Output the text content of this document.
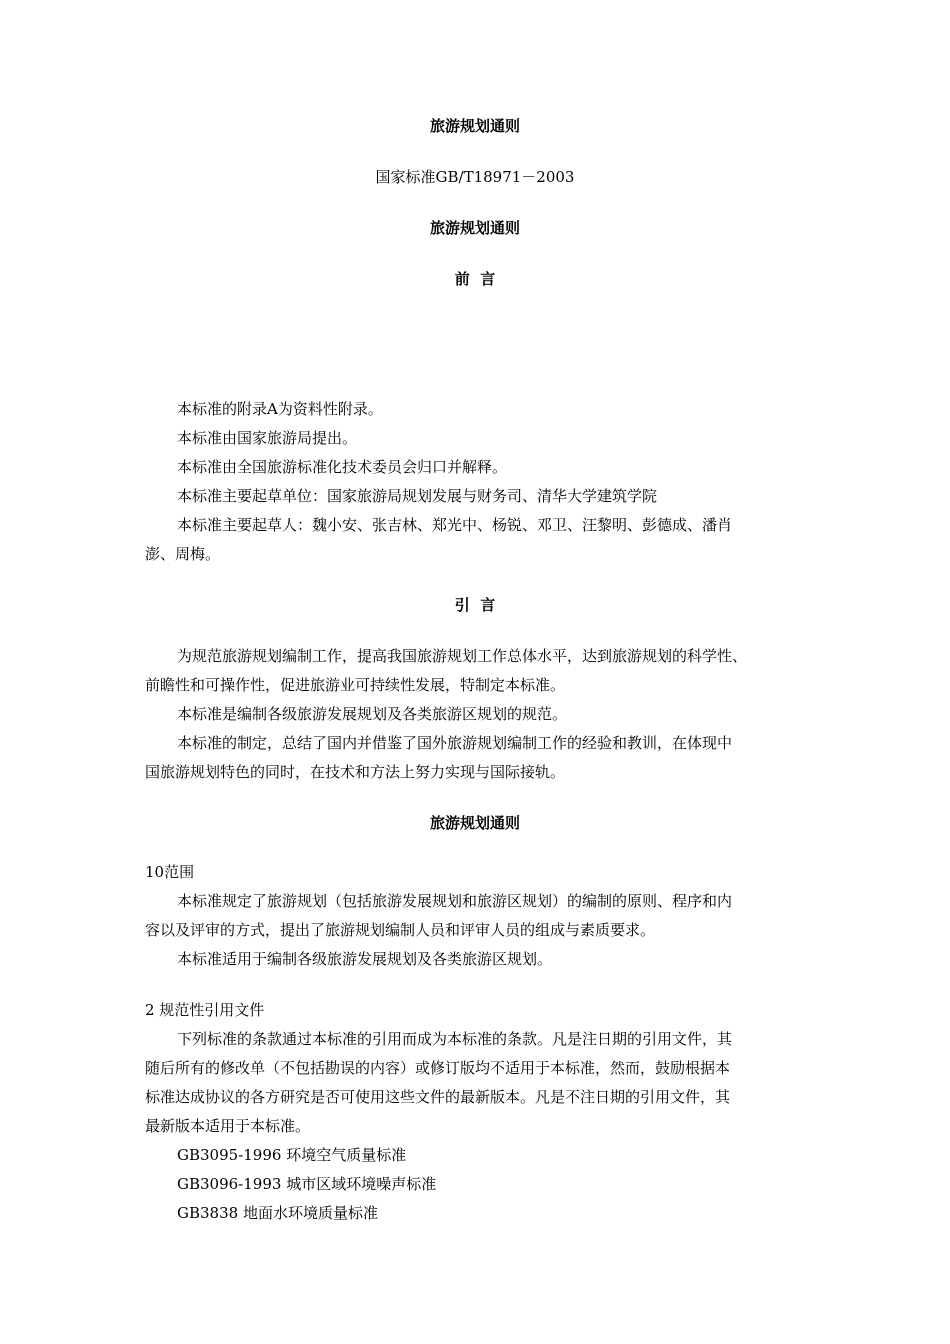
旅游规划通则
国家标准GB/T18971－2003
旅游规划通则
前  言
本标准的附录A为资料性附录。
本标准由国家旅游局提出。
本标准由全国旅游标准化技术委员会归口并解释。
本标准主要起草单位：国家旅游局规划发展与财务司、清华大学建筑学院
本标准主要起草人：魏小安、张吉林、郑光中、杨锐、邓卫、汪黎明、彭德成、潘肖
澎、周梅。
引  言
为规范旅游规划编制工作，提高我国旅游规划工作总体水平，达到旅游规划的科学性、
前瞻性和可操作性，促进旅游业可持续性发展，特制定本标准。
本标准是编制各级旅游发展规划及各类旅游区规划的规范。
本标准的制定，总结了国内并借鉴了国外旅游规划编制工作的经验和教训，在体现中
国旅游规划特色的同时，在技术和方法上努力实现与国际接轨。
旅游规划通则
10范围
本标准规定了旅游规划（包括旅游发展规划和旅游区规划）的编制的原则、程序和内
容以及评审的方式，提出了旅游规划编制人员和评审人员的组成与素质要求。
本标准适用于编制各级旅游发展规划及各类旅游区规划。
2 规范性引用文件
下列标准的条款通过本标准的引用而成为本标准的条款。凡是注日期的引用文件，其
随后所有的修改单（不包括勘误的内容）或修订版均不适用于本标准，然而，鼓励根据本
标准达成协议的各方研究是否可使用这些文件的最新版本。凡是不注日期的引用文件，其
最新版本适用于本标准。
GB3095-1996 环境空气质量标准
GB3096-1993 城市区域环境噪声标准
GB3838 地面水环境质量标准
